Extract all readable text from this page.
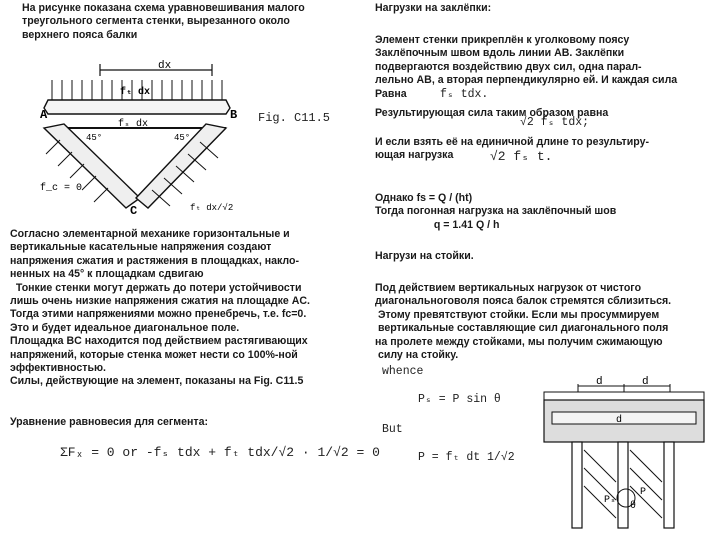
На рисунке показана схема уравновешивания малого
треугольного сегмента стенки, вырезанного около
верхнего пояса балки

dx
fₜ dx
fₛ dx
A	B
45°	45°
C
f_c = 0
fₜ dx/√2

Fig. C11.5

Согласно элементарной механике горизонтальные и
вертикальные касательные напряжения создают
напряжения сжатия и растяжения в площадках, накло-
ненных на 45° к площадкам сдвигаю
Тонкие стенки могут держать до потери устойчивости
лишь очень низкие напряжения сжатия на площадке AC.
Тогда этими напряжениями можно пренебречь, т.е. fc=0.
Это и будет идеальное диагональное поле.
Площадка BC находится под действием растягивающих
напряжений, которые стенка может нести со 100%-ной
эффективностью.
Силы, действующие на элемент, показаны на Fig. C11.5

Уравнение равновесия для сегмента:

ΣFₓ = 0 or -fₛ tdx + fₜ tdx/√2 · 1/√2 = 0

Нагрузки на заклёпки:

Элемент стенки прикреплён к уголковому поясу
Заклёпочным швом вдоль линии AB. Заклёпки
подвергаются воздействию двух сил, одна парал-
лельно AB, а вторая перпендикулярно ей. И каждая сила
Равна	fₛ tdx.

Результирующая сила таким образом равна

√2 fₛ tdx;

И если взять её на единичной длине то результиру-
ющая нагрузка	√2 fₛ t.

Однако fs = Q / (ht)
Тогда погонная нагрузка на заклёпочный шов
q = 1.41 Q / h

Нагрузи на стойки.

Под действием вертикальных нагрузок от чистого
диагональноговоля пояса балок стремятся сблизиться.
Этому превятствуют стойки. Если мы просуммируем
вертикальные составляющие сил диагонального поля
на пролете между стойками, мы получим сжимающую
силу на стойку.

whence

Pₛ = P sin θ

But

P = fₜ dt 1/√2

d	d
d
Pₛ
P
θ
